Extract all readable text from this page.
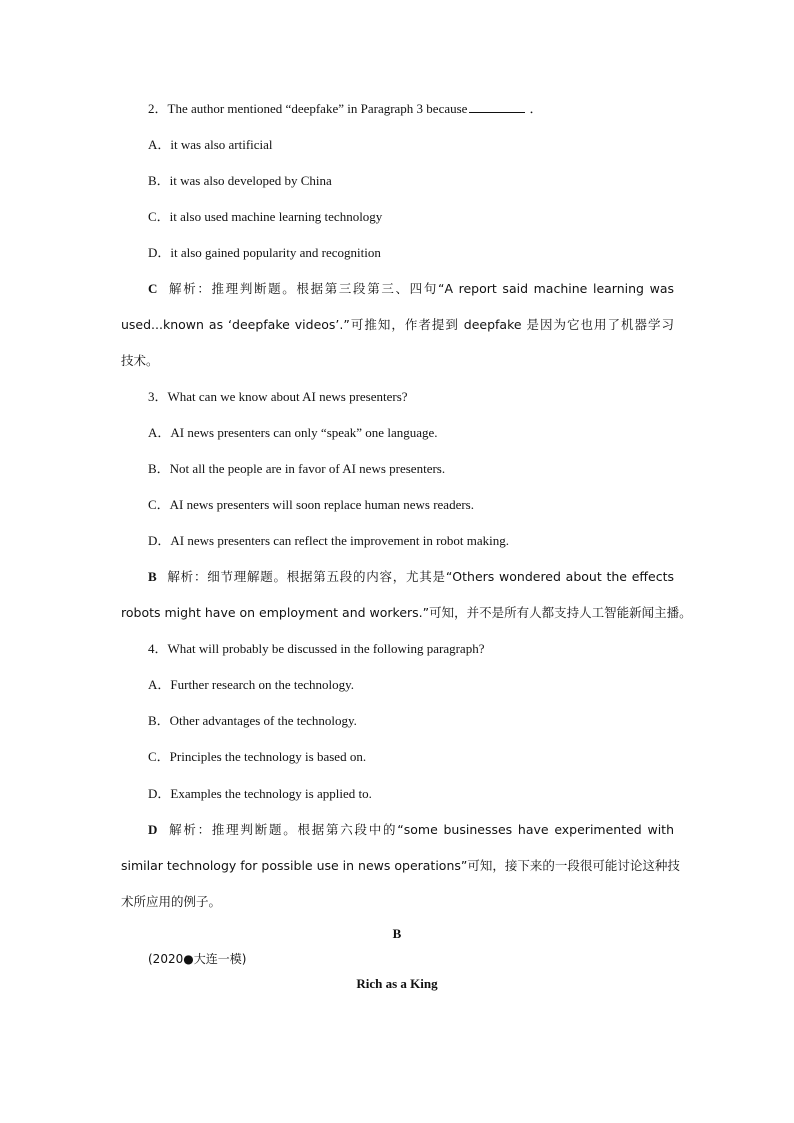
2．The author mentioned “deepfake” in Paragraph 3 because	．
A．it was also artificial
B．it was also developed by China
C．it also used machine learning technology
D．it also gained popularity and recognition
C 解析：推理判断题。根据第三段第三、四句“A report said machine learning was
used...known as ‘deepfake videos’.”可推知，作者提到 deepfake 是因为它也用了机器学习
技术。
3．What can we know about AI news presenters?
A．AI news presenters can only “speak” one language.
B．Not all the people are in favor of AI news presenters.
C．AI news presenters will soon replace human news readers.
D．AI news presenters can reflect the improvement in robot making.
B 解析：细节理解题。根据第五段的内容，尤其是“Others wondered about the effects
robots might have on employment and workers.”可知，并不是所有人都支持人工智能新闻主播。
4．What will probably be discussed in the following paragraph?
A．Further research on the technology.
B．Other advantages of the technology.
C．Principles the technology is based on.
D．Examples the technology is applied to.
D 解析：推理判断题。根据第六段中的“some businesses have experimented with
similar technology for possible use in news operations”可知，接下来的一段很可能讨论这种技
术所应用的例子。
B
(2020●大连一模)
Rich as a King
